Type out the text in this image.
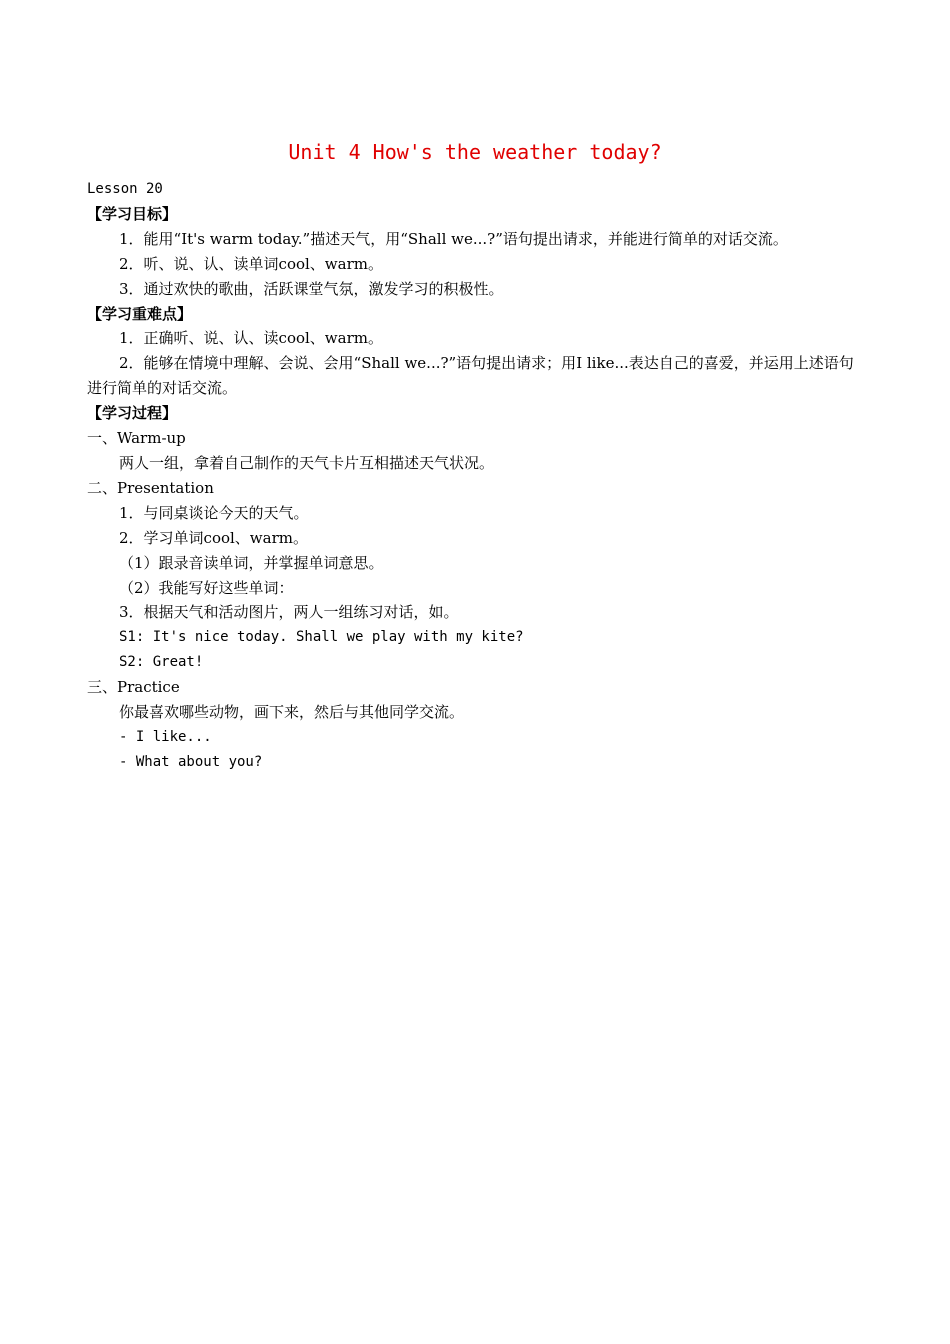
Unit 4 How's the weather today?

Lesson 20

【学习目标】

1．能用“It's warm today.”描述天气，用“Shall we...?”语句提出请求，并能进行简单的对话交流。

2．听、说、认、读单词cool、warm。

3．通过欢快的歌曲，活跃课堂气氛，激发学习的积极性。

【学习重难点】

1．正确听、说、认、读cool、warm。

2．能够在情境中理解、会说、会用“Shall we...?”语句提出请求；用I like...表达自己的喜爱，并运用上述语句进行简单的对话交流。

【学习过程】

一、Warm-up

两人一组，拿着自己制作的天气卡片互相描述天气状况。

二、Presentation

1．与同桌谈论今天的天气。

2．学习单词cool、warm。

（1）跟录音读单词，并掌握单词意思。

（2）我能写好这些单词：

3．根据天气和活动图片，两人一组练习对话，如。

S1: It's nice today. Shall we play with my kite?

S2: Great!

三、Practice

你最喜欢哪些动物，画下来，然后与其他同学交流。

- I like...

- What about you?
